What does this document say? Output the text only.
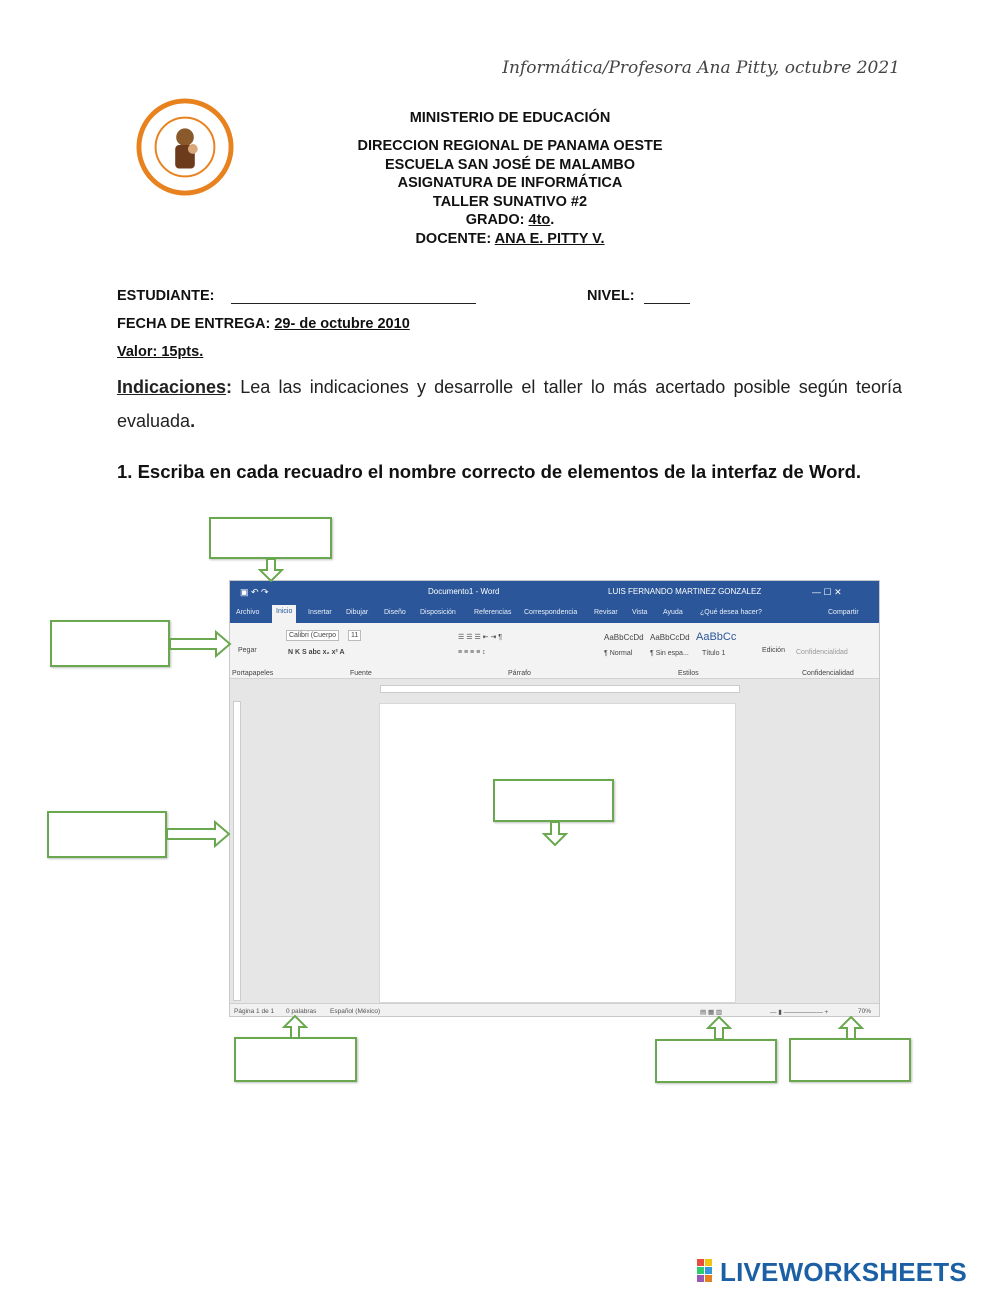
Informática/Profesora Ana Pitty, octubre 2021
MINISTERIO DE EDUCACIÓN
DIRECCION REGIONAL DE PANAMA OESTE
ESCUELA SAN JOSÉ DE MALAMBO
ASIGNATURA DE INFORMÁTICA
TALLER SUNATIVO #2
GRADO: 4to.
DOCENTE: ANA E. PITTY V.
ESTUDIANTE:	NIVEL:
FECHA DE ENTREGA: 29- de octubre 2010
Valor: 15pts.
Indicaciones: Lea las indicaciones y desarrolle el taller lo más acertado posible según teoría evaluada.
1. Escriba en cada recuadro el nombre correcto de elementos de la interfaz de Word.
▣ ↶ ↷	Documento1 - Word	LUIS FERNANDO MARTINEZ GONZALEZ	— ☐ ✕
Archivo	Inicio	Insertar Dibujar Diseño Disposición	Referencias Correspondencia Revisar Vista Ayuda ¿Qué desea hacer?	Compartir
Pegar
Calibri (Cuerpo	11
N K S abc x₂ x² A
☰ ☰ ☰ ⇤ ⇥ ¶
≡ ≡ ≡ ≡ ↕
AaBbCcDd AaBbCcDd AaBbCc
¶ Normal	¶ Sin espa... Título 1	Edición Confidencialidad
Portapapeles	Fuente	Párrafo	Estilos	Confidencialidad
Página 1 de 1 0 palabras Español (México)	▤ ▦ ▥	— ▮ —————— +	70%
LIVEWORKSHEETS
